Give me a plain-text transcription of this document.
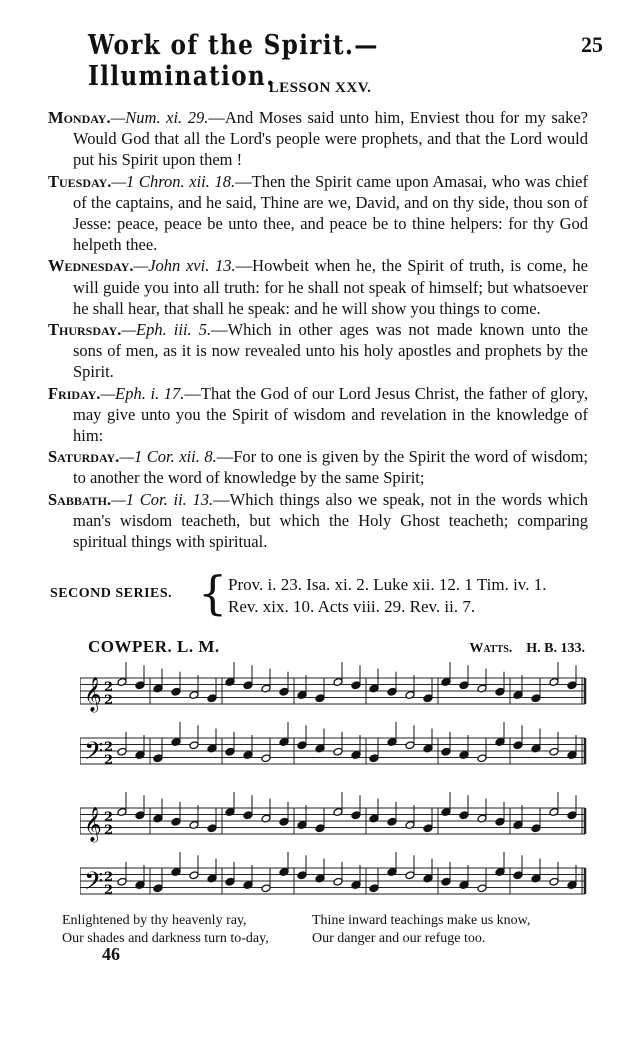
Work of the Spirit.—Illumination.
25
LESSON XXV.
Monday.—Num. xi. 29.—And Moses said unto him, Enviest thou for my sake? Would God that all the Lord's people were prophets, and that the Lord would put his Spirit upon them !
Tuesday.—1 Chron. xii. 18.—Then the Spirit came upon Amasai, who was chief of the captains, and he said, Thine are we, David, and on thy side, thou son of Jesse: peace, peace be unto thee, and peace be to thine helpers: for thy God helpeth thee.
Wednesday.—John xvi. 13.—Howbeit when he, the Spirit of truth, is come, he will guide you into all truth: for he shall not speak of himself; but whatsoever he shall hear, that shall he speak: and he will show you things to come.
Thursday.—Eph. iii. 5.—Which in other ages was not made known unto the sons of men, as it is now revealed unto his holy apostles and prophets by the Spirit.
Friday.—Eph. i. 17.—That the God of our Lord Jesus Christ, the father of glory, may give unto you the Spirit of wisdom and revelation in the knowledge of him:
Saturday.—1 Cor. xii. 8.—For to one is given by the Spirit the word of wisdom; to another the word of knowledge by the same Spirit;
Sabbath.—1 Cor. ii. 13.—Which things also we speak, not in the words which man's wisdom teacheth, but which the Holy Ghost teacheth; comparing spiritual things with spiritual.
SECOND SERIES. { Prov. i. 23. Isa. xi. 2. Luke xii. 12. 1 Tim. iv. 1.
Rev. xix. 10. Acts viii. 29. Rev. ii. 7.
COWPER. L. M.	Watts. H. B. 133.
𝄞 2
2
𝄢 2
2
𝄞 2
2
𝄢 2
2
Enlightened by thy heavenly ray,	Thine inward teachings make us know,
Our shades and darkness turn to-day,	Our danger and our refuge too.
46
